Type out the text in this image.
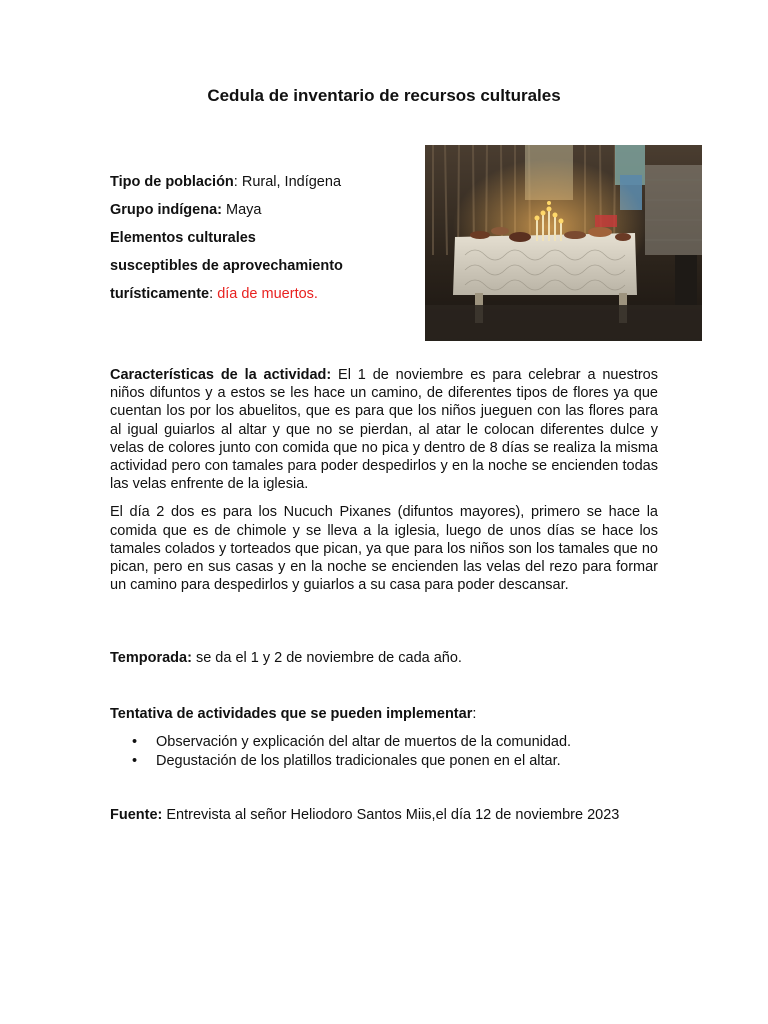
Cedula de inventario de recursos culturales
Tipo de población: Rural, Indígena
Grupo indígena: Maya
Elementos culturales
susceptibles de aprovechamiento
turísticamente: día de muertos.

Características de la actividad: El 1 de noviembre es para celebrar a nuestros niños difuntos y a estos se les hace un camino, de diferentes tipos de flores ya que cuentan los por los abuelitos, que es para que los niños jueguen con las flores para al igual guiarlos al altar y que no se pierdan, al atar le colocan diferentes dulce y velas de colores junto con comida que no pica y dentro de 8 días se realiza la misma actividad pero con tamales para poder despedirlos y en la noche se encienden todas las velas enfrente de la iglesia.

El día 2 dos es para los Nucuch Pixanes (difuntos mayores), primero se hace la comida que es de chimole y se lleva a la iglesia, luego de unos días se hace los tamales colados y torteados que pican, ya que para los niños son los tamales que no pican, pero en sus casas y en la noche se encienden las velas del rezo para formar un camino para despedirlos y guiarlos a su casa para poder descansar.

Temporada: se da el 1 y 2 de noviembre de cada año.
Tentativa de actividades que se pueden implementar:
• Observación y explicación del altar de muertos de la comunidad.
• Degustación de los platillos tradicionales que ponen en el altar.
Fuente: Entrevista al señor Heliodoro Santos Miis,el día 12 de noviembre 2023
